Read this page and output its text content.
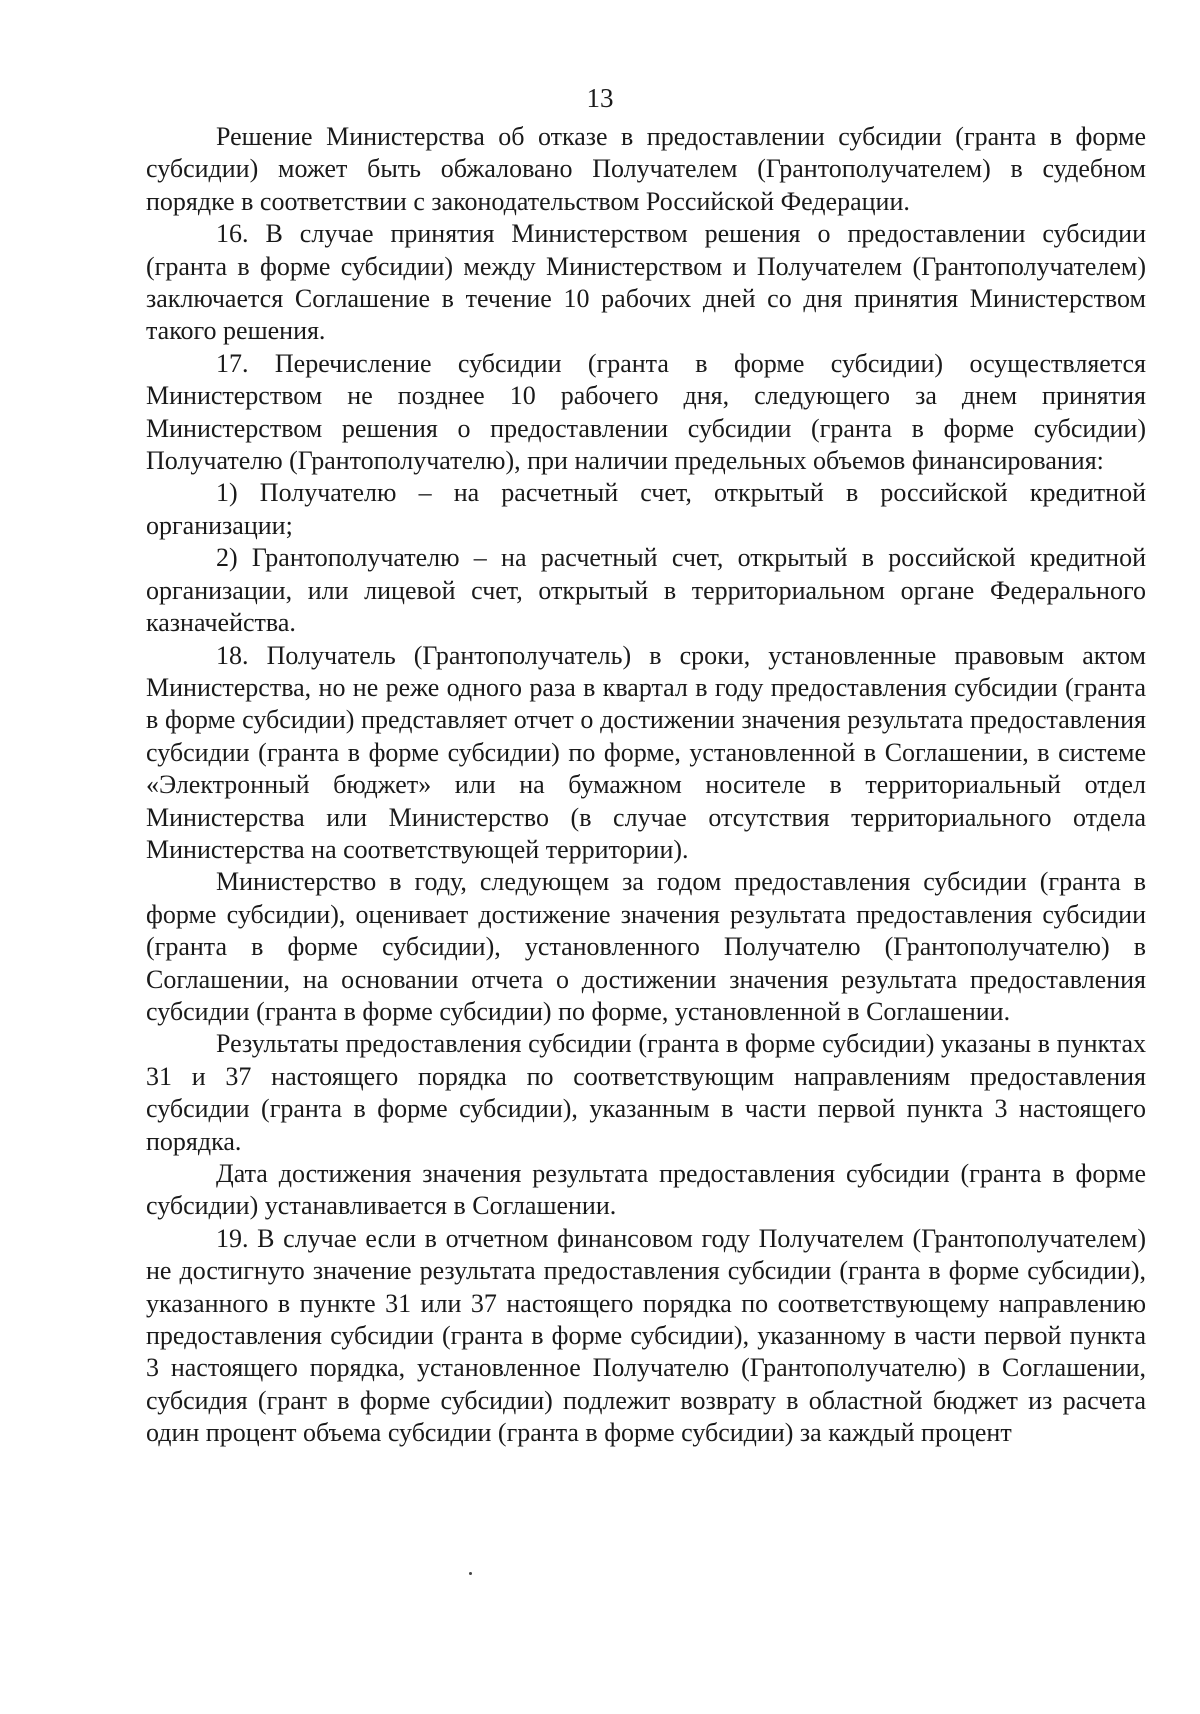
13

Решение Министерства об отказе в предоставлении субсидии (гранта в форме субсидии) может быть обжаловано Получателем (Грантополучателем) в судебном порядке в соответствии с законодательством Российской Федерации.

16. В случае принятия Министерством решения о предоставлении субсидии (гранта в форме субсидии) между Министерством и Получателем (Грантополучателем) заключается Соглашение в течение 10 рабочих дней со дня принятия Министерством такого решения.

17. Перечисление субсидии (гранта в форме субсидии) осуществляется Министерством не позднее 10 рабочего дня, следующего за днем принятия Министерством решения о предоставлении субсидии (гранта в форме субсидии) Получателю (Грантополучателю), при наличии предельных объемов финансирования:

1) Получателю – на расчетный счет, открытый в российской кредитной организации;

2) Грантополучателю – на расчетный счет, открытый в российской кредитной организации, или лицевой счет, открытый в территориальном органе Федерального казначейства.

18. Получатель (Грантополучатель) в сроки, установленные правовым актом Министерства, но не реже одного раза в квартал в году предоставления субсидии (гранта в форме субсидии) представляет отчет о достижении значения результата предоставления субсидии (гранта в форме субсидии) по форме, установленной в Соглашении, в системе «Электронный бюджет» или на бумажном носителе в территориальный отдел Министерства или Министерство (в случае отсутствия территориального отдела Министерства на соответствующей территории).

Министерство в году, следующем за годом предоставления субсидии (гранта в форме субсидии), оценивает достижение значения результата предоставления субсидии (гранта в форме субсидии), установленного Получателю (Грантополучателю) в Соглашении, на основании отчета о достижении значения результата предоставления субсидии (гранта в форме субсидии) по форме, установленной в Соглашении.

Результаты предоставления субсидии (гранта в форме субсидии) указаны в пунктах 31 и 37 настоящего порядка по соответствующим направлениям предоставления субсидии (гранта в форме субсидии), указанным в части первой пункта 3 настоящего порядка.

Дата достижения значения результата предоставления субсидии (гранта в форме субсидии) устанавливается в Соглашении.

19. В случае если в отчетном финансовом году Получателем (Грантополучателем) не достигнуто значение результата предоставления субсидии (гранта в форме субсидии), указанного в пункте 31 или 37 настоящего порядка по соответствующему направлению предоставления субсидии (гранта в форме субсидии), указанному в части первой пункта 3 настоящего порядка, установленное Получателю (Грантополучателю) в Соглашении, субсидия (грант в форме субсидии) подлежит возврату в областной бюджет из расчета один процент объема субсидии (гранта в форме субсидии) за каждый процент
